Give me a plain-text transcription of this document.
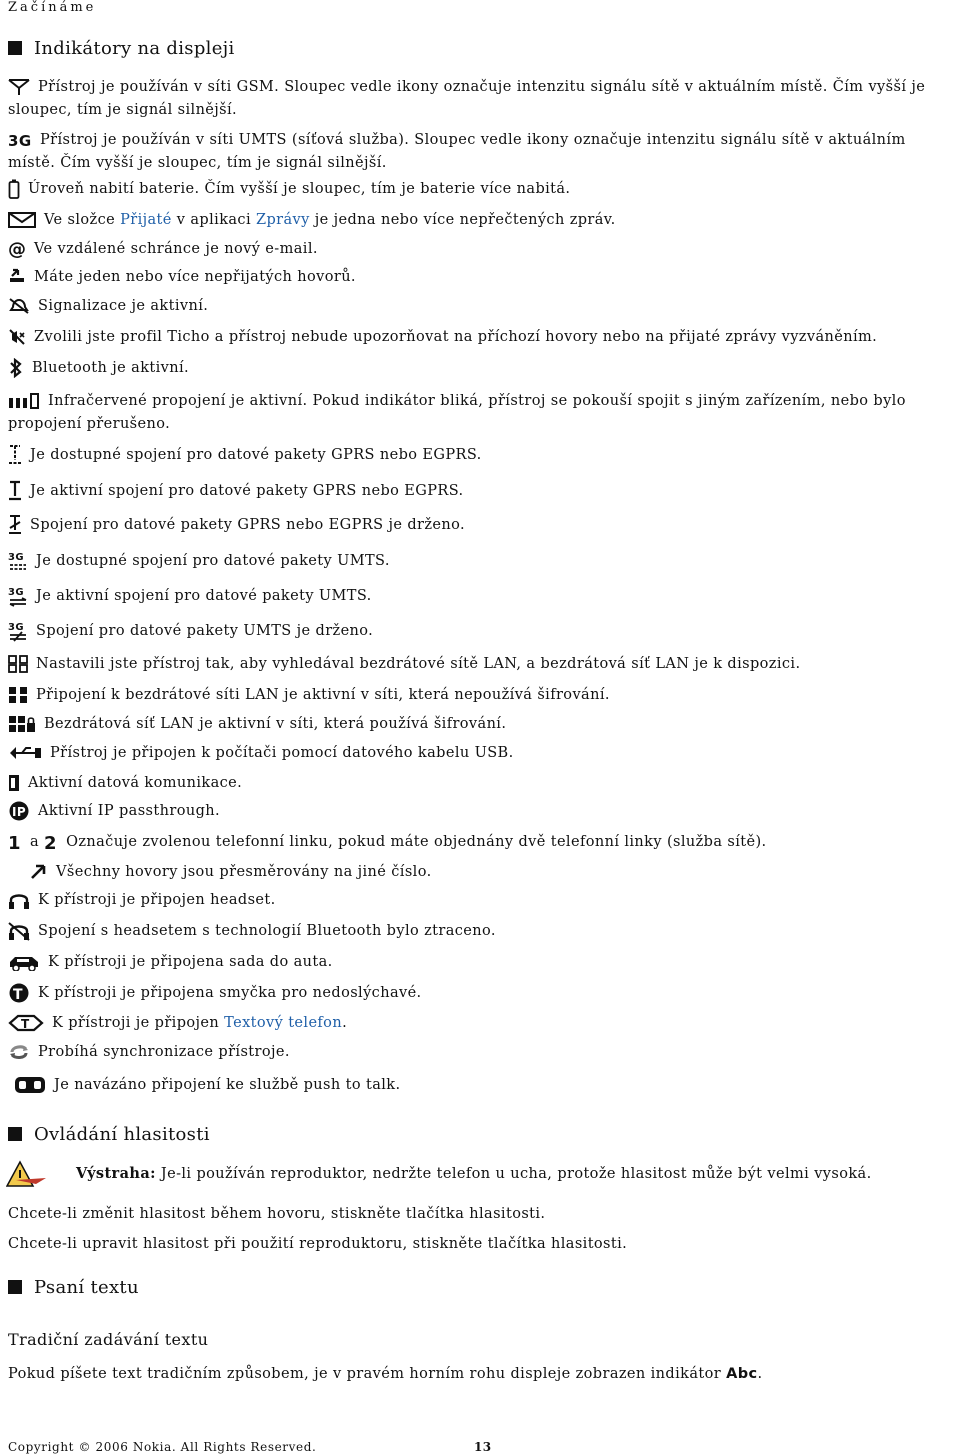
Začínáme
Indikátory na displeji
Přístroj je používán v síti GSM. Sloupec vedle ikony označuje intenzitu signálu sítě v aktuálním místě. Čím vyšší je sloupec, tím je signál silnější.
3G Přístroj je používán v síti UMTS (síťová služba). Sloupec vedle ikony označuje intenzitu signálu sítě v aktuálním místě. Čím vyšší je sloupec, tím je signál silnější.
Úroveň nabití baterie. Čím vyšší je sloupec, tím je baterie více nabitá.
Ve složce Přijaté v aplikaci Zprávy je jedna nebo více nepřečtených zpráv.
@ Ve vzdálené schránce je nový e-mail.
Máte jeden nebo více nepřijatých hovorů.
Signalizace je aktivní.
Zvolili jste profil Ticho a přístroj nebude upozorňovat na příchozí hovory nebo na přijaté zprávy vyzváněním.
Bluetooth je aktivní.
Infračervené propojení je aktivní. Pokud indikátor bliká, přístroj se pokouší spojit s jiným zařízením, nebo bylo propojení přerušeno.
Je dostupné spojení pro datové pakety GPRS nebo EGPRS.
Je aktivní spojení pro datové pakety GPRS nebo EGPRS.
Spojení pro datové pakety GPRS nebo EGPRS je drženo.
3G Je dostupné spojení pro datové pakety UMTS.
3G Je aktivní spojení pro datové pakety UMTS.
3G Spojení pro datové pakety UMTS je drženo.
Nastavili jste přístroj tak, aby vyhledával bezdrátové sítě LAN, a bezdrátová síť LAN je k dispozici.
Připojení k bezdrátové síti LAN je aktivní v síti, která nepoužívá šifrování.
Bezdrátová síť LAN je aktivní v síti, která používá šifrování.
Přístroj je připojen k počítači pomocí datového kabelu USB.
Aktivní datová komunikace.
IP Aktivní IP passthrough.
1 a 2 Označuje zvolenou telefonní linku, pokud máte objednány dvě telefonní linky (služba sítě).
Všechny hovory jsou přesměrovány na jiné číslo.
K přístroji je připojen headset.
Spojení s headsetem s technologií Bluetooth bylo ztraceno.
K přístroji je připojena sada do auta.
T K přístroji je připojena smyčka pro nedoslýchavé.
T K přístroji je připojen Textový telefon.
Probíhá synchronizace přístroje.
Je navázáno připojení ke službě push to talk.
Ovládání hlasitosti
Výstraha: Je-li používán reproduktor, nedržte telefon u ucha, protože hlasitost může být velmi vysoká.
Chcete-li změnit hlasitost během hovoru, stiskněte tlačítka hlasitosti.
Chcete-li upravit hlasitost při použití reproduktoru, stiskněte tlačítka hlasitosti.
Psaní textu
Tradiční zadávání textu
Pokud píšete text tradičním způsobem, je v pravém horním rohu displeje zobrazen indikátor Abc.
Copyright © 2006 Nokia. All Rights Reserved.	13
